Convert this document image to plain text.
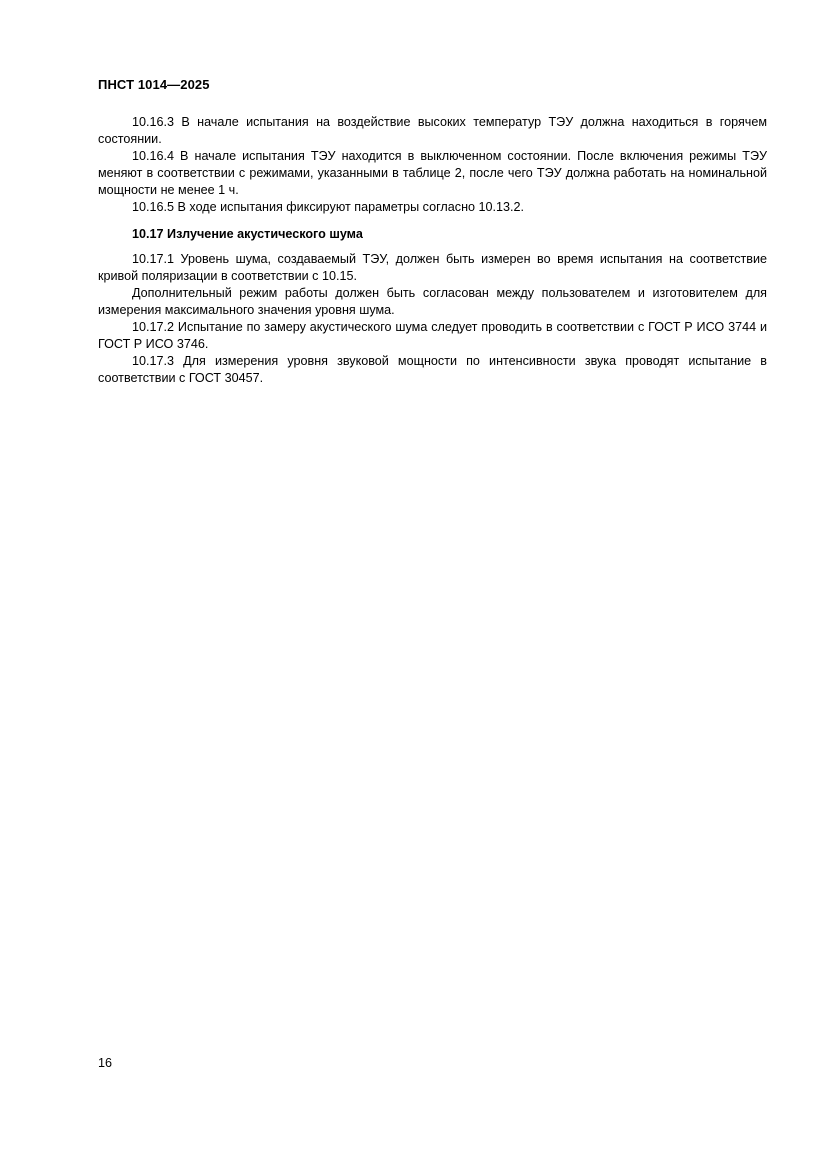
ПНСТ 1014—2025

10.16.3 В начале испытания на воздействие высоких температур ТЭУ должна находиться в горячем состоянии.

10.16.4 В начале испытания ТЭУ находится в выключенном состоянии. После включения режимы ТЭУ меняют в соответствии с режимами, указанными в таблице 2, после чего ТЭУ должна работать на номинальной мощности не менее 1 ч.

10.16.5 В ходе испытания фиксируют параметры согласно 10.13.2.

10.17 Излучение акустического шума

10.17.1 Уровень шума, создаваемый ТЭУ, должен быть измерен во время испытания на соответствие кривой поляризации в соответствии с 10.15.

Дополнительный режим работы должен быть согласован между пользователем и изготовителем для измерения максимального значения уровня шума.

10.17.2 Испытание по замеру акустического шума следует проводить в соответствии с ГОСТ Р ИСО 3744 и ГОСТ Р ИСО 3746.

10.17.3 Для измерения уровня звуковой мощности по интенсивности звука проводят испытание в соответствии с ГОСТ 30457.

16
